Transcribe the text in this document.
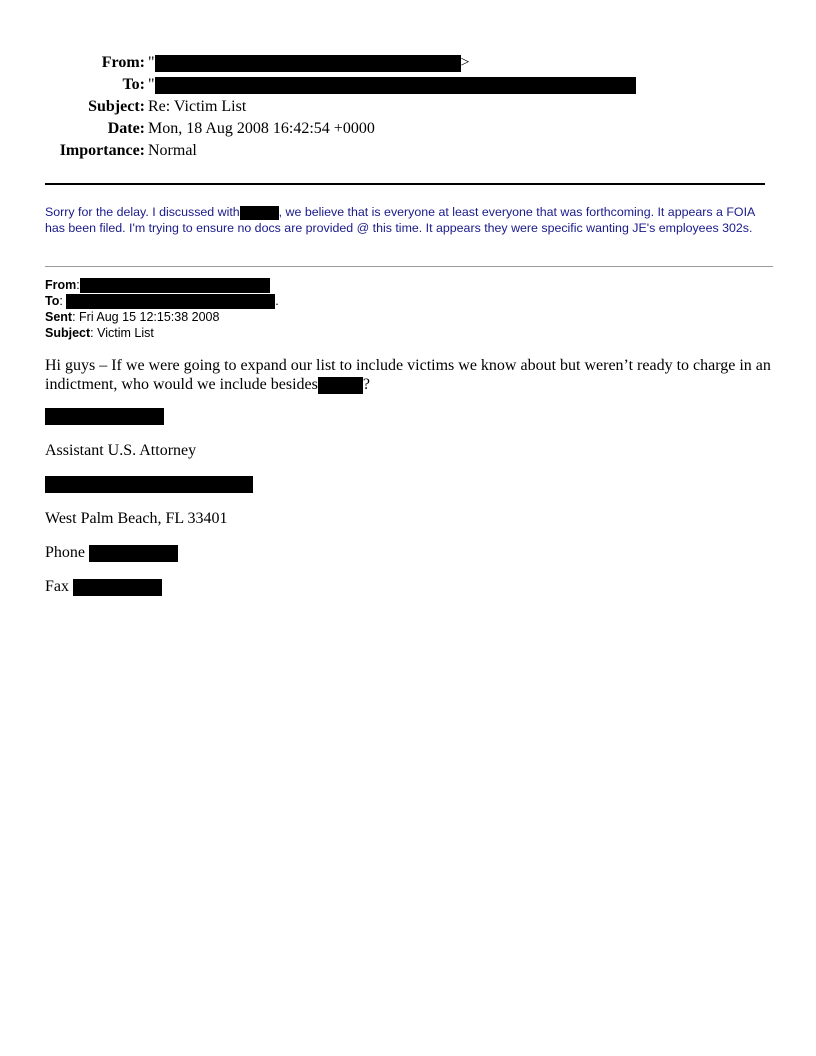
From: "	>
To: "
Subject: Re: Victim List
Date: Mon, 18 Aug 2008 16:42:54 +0000
Importance: Normal
Sorry for the delay. I discussed with	, we believe that is everyone at least everyone that was forthcoming. It appears a FOIA has been filed. I'm trying to ensure no docs are provided @ this time. It appears they were specific wanting JE's employees 302s.
From:
To:	.
Sent: Fri Aug 15 12:15:38 2008
Subject: Victim List
Hi guys – If we were going to expand our list to include victims we know about but weren’t ready to charge in an indictment, who would we include besides	?
Assistant U.S. Attorney
West Palm Beach, FL 33401
Phone
Fax
